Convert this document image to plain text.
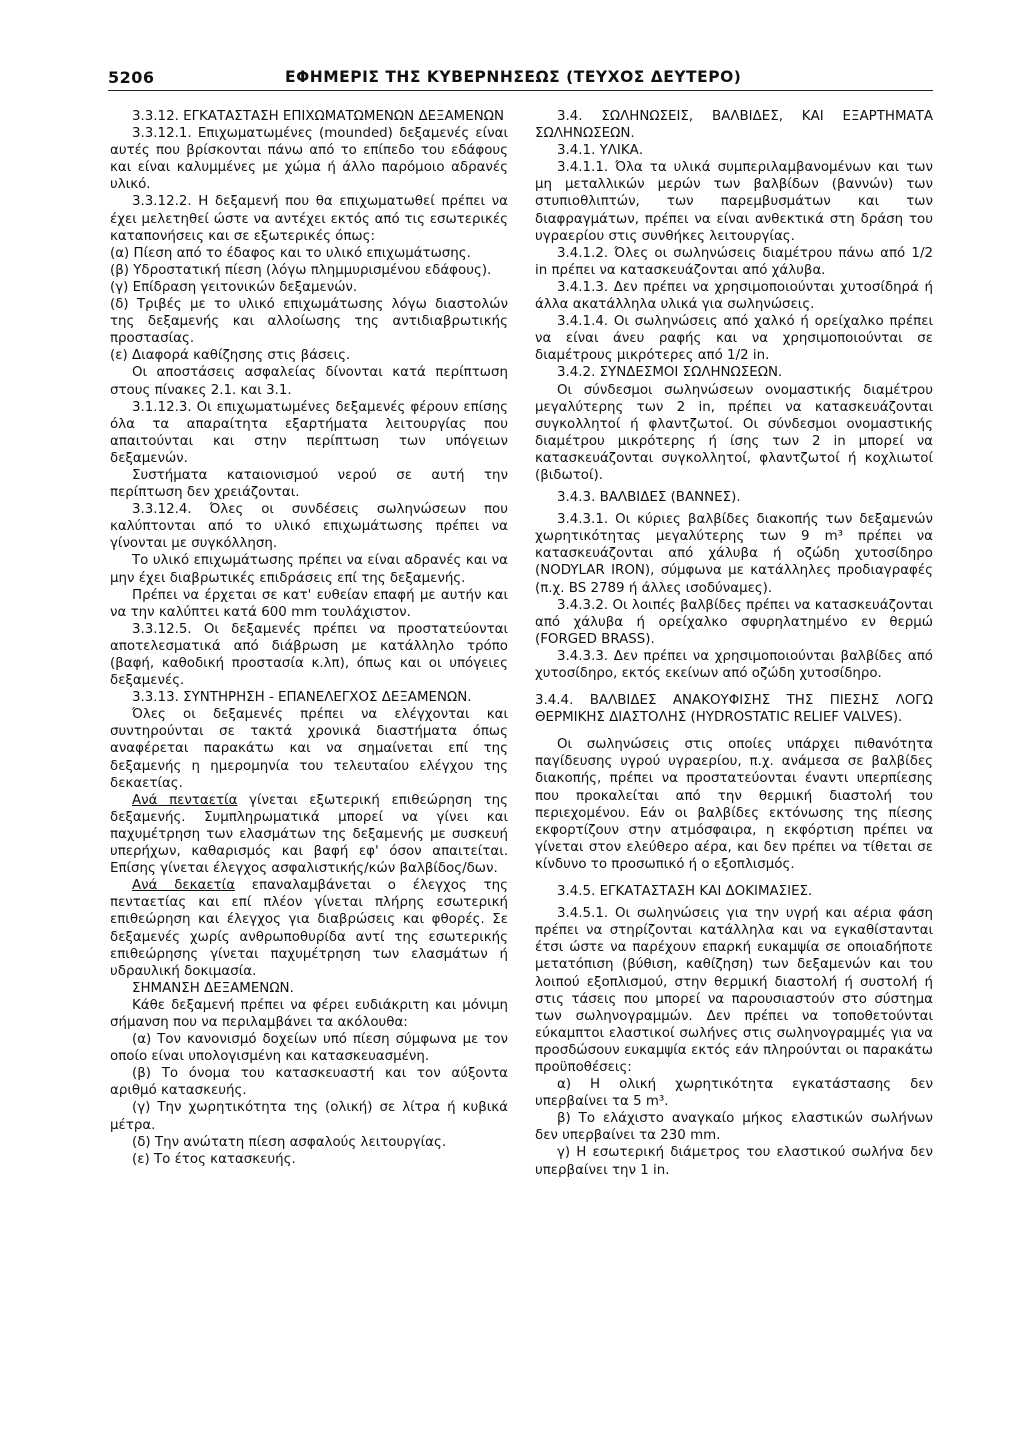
5206	ΕΦΗΜΕΡΙΣ ΤΗΣ ΚΥΒΕΡΝΗΣΕΩΣ (ΤΕΥΧΟΣ ΔΕΥΤΕΡΟ)

3.3.12. ΕΓΚΑΤΑΣΤΑΣΗ ΕΠΙΧΩΜΑΤΩΜΕΝΩΝ ΔΕΞΑΜΕΝΩΝ

3.3.12.1. Επιχωματωμένες (mounded) δεξαμενές είναι αυτές που βρίσκονται πάνω από το επίπεδο του εδάφους και είναι καλυμμένες με χώμα ή άλλο παρόμοιο αδρανές υλικό.

3.3.12.2. Η δεξαμενή που θα επιχωματωθεί πρέπει να έχει μελετηθεί ώστε να αντέχει εκτός από τις εσωτερικές καταπονήσεις και σε εξωτερικές όπως:

(α) Πίεση από το έδαφος και το υλικό επιχωμάτωσης.

(β) Υδροστατική πίεση (λόγω πλημμυρισμένου εδάφους).

(γ) Επίδραση γειτονικών δεξαμενών.

(δ) Τριβές με το υλικό επιχωμάτωσης λόγω διαστολών της δεξαμενής και αλλοίωσης της αντιδιαβρωτικής προστασίας.

(ε) Διαφορά καθίζησης στις βάσεις.

Οι αποστάσεις ασφαλείας δίνονται κατά περίπτωση στους πίνακες 2.1. και 3.1.

3.1.12.3. Οι επιχωματωμένες δεξαμενές φέρουν επίσης όλα τα απαραίτητα εξαρτήματα λειτουργίας που απαιτούνται και στην περίπτωση των υπόγειων δεξαμενών.

Συστήματα καταιονισμού νερού σε αυτή την περίπτωση δεν χρειάζονται.

3.3.12.4. Όλες οι συνδέσεις σωληνώσεων που καλύπτονται από το υλικό επιχωμάτωσης πρέπει να γίνονται με συγκόλληση.

Το υλικό επιχωμάτωσης πρέπει να είναι αδρανές και να μην έχει διαβρωτικές επιδράσεις επί της δεξαμενής.

Πρέπει να έρχεται σε κατ' ευθείαν επαφή με αυτήν και να την καλύπτει κατά 600 mm τουλάχιστον.

3.3.12.5. Οι δεξαμενές πρέπει να προστατεύονται αποτελεσματικά από διάβρωση με κατάλληλο τρόπο (βαφή, καθοδική προστασία κ.λπ), όπως και οι υπόγειες δεξαμενές.

3.3.13. ΣΥΝΤΗΡΗΣΗ - ΕΠΑΝΕΛΕΓΧΟΣ ΔΕΞΑΜΕΝΩΝ.

Όλες οι δεξαμενές πρέπει να ελέγχονται και συντηρούνται σε τακτά χρονικά διαστήματα όπως αναφέρεται παρακάτω και να σημαίνεται επί της δεξαμενής η ημερομηνία του τελευταίου ελέγχου της δεκαετίας.

Ανά πενταετία γίνεται εξωτερική επιθεώρηση της δεξαμενής. Συμπληρωματικά μπορεί να γίνει και παχυμέτρηση των ελασμάτων της δεξαμενής με συσκευή υπερήχων, καθαρισμός και βαφή εφ' όσον απαιτείται. Επίσης γίνεται έλεγχος ασφαλιστικής/κών βαλβίδος/δων.

Ανά δεκαετία επαναλαμβάνεται ο έλεγχος της πενταετίας και επί πλέον γίνεται πλήρης εσωτερική επιθεώρηση και έλεγχος για διαβρώσεις και φθορές. Σε δεξαμενές χωρίς ανθρωποθυρίδα αντί της εσωτερικής επιθεώρησης γίνεται παχυμέτρηση των ελασμάτων ή υδραυλική δοκιμασία.

ΣΗΜΑΝΣΗ ΔΕΞΑΜΕΝΩΝ.

Κάθε δεξαμενή πρέπει να φέρει ευδιάκριτη και μόνιμη σήμανση που να περιλαμβάνει τα ακόλουθα:

(α) Τον κανονισμό δοχείων υπό πίεση σύμφωνα με τον οποίο είναι υπολογισμένη και κατασκευασμένη.

(β) Το όνομα του κατασκευαστή και τον αύξοντα αριθμό κατασκευής.

(γ) Την χωρητικότητα της (ολική) σε λίτρα ή κυβικά μέτρα.

(δ) Την ανώτατη πίεση ασφαλούς λειτουργίας.

(ε) Το έτος κατασκευής.

3.4. ΣΩΛΗΝΩΣΕΙΣ, ΒΑΛΒΙΔΕΣ, ΚΑΙ ΕΞΑΡΤΗΜΑΤΑ ΣΩΛΗΝΩΣΕΩΝ.

3.4.1. ΥΛΙΚΑ.

3.4.1.1. Όλα τα υλικά συμπεριλαμβανομένων και των μη μεταλλικών μερών των βαλβίδων (βαννών) των στυπιοθλιπτών, των παρεμβυσμάτων και των διαφραγμάτων, πρέπει να είναι ανθεκτικά στη δράση του υγραερίου στις συνθήκες λειτουργίας.

3.4.1.2. Όλες οι σωληνώσεις διαμέτρου πάνω από 1/2 in πρέπει να κατασκευάζονται από χάλυβα.

3.4.1.3. Δεν πρέπει να χρησιμοποιούνται χυτοσίδηρά ή άλλα ακατάλληλα υλικά για σωληνώσεις.

3.4.1.4. Οι σωληνώσεις από χαλκό ή ορείχαλκο πρέπει να είναι άνευ ραφής και να χρησιμοποιούνται σε διαμέτρους μικρότερες από 1/2 in.

3.4.2. ΣΥΝΔΕΣΜΟΙ ΣΩΛΗΝΩΣΕΩΝ.

Οι σύνδεσμοι σωληνώσεων ονομαστικής διαμέτρου μεγαλύτερης των 2 in, πρέπει να κατασκευάζονται συγκολλητοί ή φλαντζωτοί. Οι σύνδεσμοι ονομαστικής διαμέτρου μικρότερης ή ίσης των 2 in μπορεί να κατασκευάζονται συγκολλητοί, φλαντζωτοί ή κοχλιωτοί (βιδωτοί).

3.4.3. ΒΑΛΒΙΔΕΣ (ΒΑΝΝΕΣ).

3.4.3.1. Οι κύριες βαλβίδες διακοπής των δεξαμενών χωρητικότητας μεγαλύτερης των 9 m³ πρέπει να κατασκευάζονται από χάλυβα ή οζώδη χυτοσίδηρο (NODYLAR IRON), σύμφωνα με κατάλληλες προδιαγραφές (π.χ. BS 2789 ή άλλες ισοδύναμες).

3.4.3.2. Οι λοιπές βαλβίδες πρέπει να κατασκευάζονται από χάλυβα ή ορείχαλκο σφυρηλατημένο εν θερμώ (FORGED BRASS).

3.4.3.3. Δεν πρέπει να χρησιμοποιούνται βαλβίδες από χυτοσίδηρο, εκτός εκείνων από οζώδη χυτοσίδηρο.

3.4.4. ΒΑΛΒΙΔΕΣ ΑΝΑΚΟΥΦΙΣΗΣ ΤΗΣ ΠΙΕΣΗΣ ΛΟΓΩ ΘΕΡΜΙΚΗΣ ΔΙΑΣΤΟΛΗΣ (HYDROSTATIC RELIEF VALVES).

Οι σωληνώσεις στις οποίες υπάρχει πιθανότητα παγίδευσης υγρού υγραερίου, π.χ. ανάμεσα σε βαλβίδες διακοπής, πρέπει να προστατεύονται έναντι υπερπίεσης που προκαλείται από την θερμική διαστολή του περιεχομένου. Εάν οι βαλβίδες εκτόνωσης της πίεσης εκφορτίζουν στην ατμόσφαιρα, η εκφόρτιση πρέπει να γίνεται στον ελεύθερο αέρα, και δεν πρέπει να τίθεται σε κίνδυνο το προσωπικό ή ο εξοπλισμός.

3.4.5. ΕΓΚΑΤΑΣΤΑΣΗ ΚΑΙ ΔΟΚΙΜΑΣΙΕΣ.

3.4.5.1. Οι σωληνώσεις για την υγρή και αέρια φάση πρέπει να στηρίζονται κατάλληλα και να εγκαθίστανται έτσι ώστε να παρέχουν επαρκή ευκαμψία σε οποιαδήποτε μετατόπιση (βύθιση, καθίζηση) των δεξαμενών και του λοιπού εξοπλισμού, στην θερμική διαστολή ή συστολή ή στις τάσεις που μπορεί να παρουσιαστούν στο σύστημα των σωληνογραμμών. Δεν πρέπει να τοποθετούνται εύκαμπτοι ελαστικοί σωλήνες στις σωληνογραμμές για να προσδώσουν ευκαμψία εκτός εάν πληρούνται οι παρακάτω προϋποθέσεις:

α) Η ολική χωρητικότητα εγκατάστασης δεν υπερβαίνει τα 5 m³.

β) Το ελάχιστο αναγκαίο μήκος ελαστικών σωλήνων δεν υπερβαίνει τα 230 mm.

γ) Η εσωτερική διάμετρος του ελαστικού σωλήνα δεν υπερβαίνει την 1 in.
